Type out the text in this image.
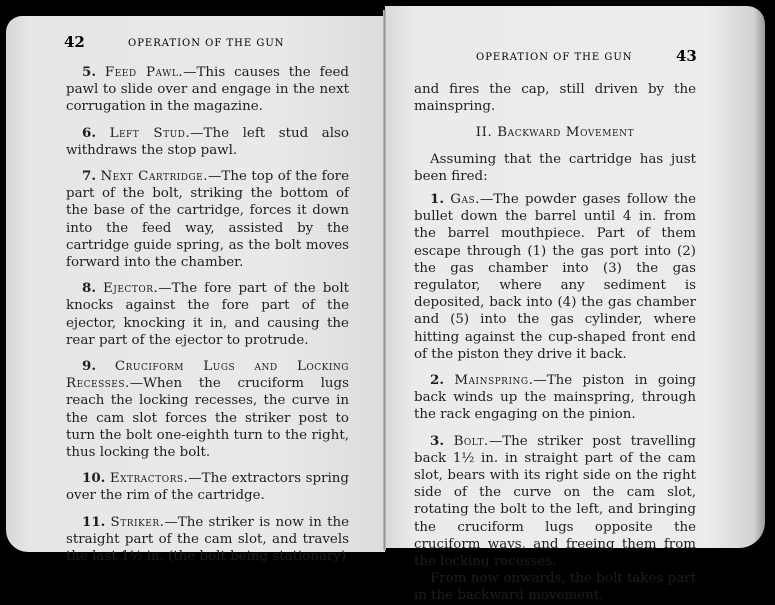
42	OPERATION OF THE GUN

5. Feed Pawl.—This causes the feed pawl to slide over and engage in the next corrugation in the magazine.

6. Left Stud.—The left stud also withdraws the stop pawl.

7. Next Cartridge.—The top of the fore part of the bolt, striking the bottom of the base of the cartridge, forces it down into the feed way, assisted by the cartridge guide spring, as the bolt moves forward into the chamber.

8. Ejector.—The fore part of the bolt knocks against the fore part of the ejector, knocking it in, and causing the rear part of the ejector to protrude.

9. Cruciform Lugs and Locking Recesses.—When the cruciform lugs reach the locking recesses, the curve in the cam slot forces the striker post to turn the bolt one-eighth turn to the right, thus locking the bolt.

10. Extractors.—The extractors spring over the rim of the cartridge.

11. Striker.—The striker is now in the straight part of the cam slot, and travels the last 1½ in. (the bolt being stationary)

OPERATION OF THE GUN	43

and fires the cap, still driven by the mainspring.

II. Backward Movement

Assuming that the cartridge has just been fired:

1. Gas.—The powder gases follow the bullet down the barrel until 4 in. from the barrel mouthpiece. Part of them escape through (1) the gas port into (2) the gas chamber into (3) the gas regulator, where any sediment is deposited, back into (4) the gas chamber and (5) into the gas cylinder, where hitting against the cup-shaped front end of the piston they drive it back.

2. Mainspring.—The piston in going back winds up the mainspring, through the rack engaging on the pinion.

3. Bolt.—The striker post travelling back 1½ in. in straight part of the cam slot, bears with its right side on the right side of the curve on the cam slot, rotating the bolt to the left, and bringing the cruciform lugs opposite the cruciform ways, and freeing them from the locking recesses.

From now onwards, the bolt takes part in the backward movement.
